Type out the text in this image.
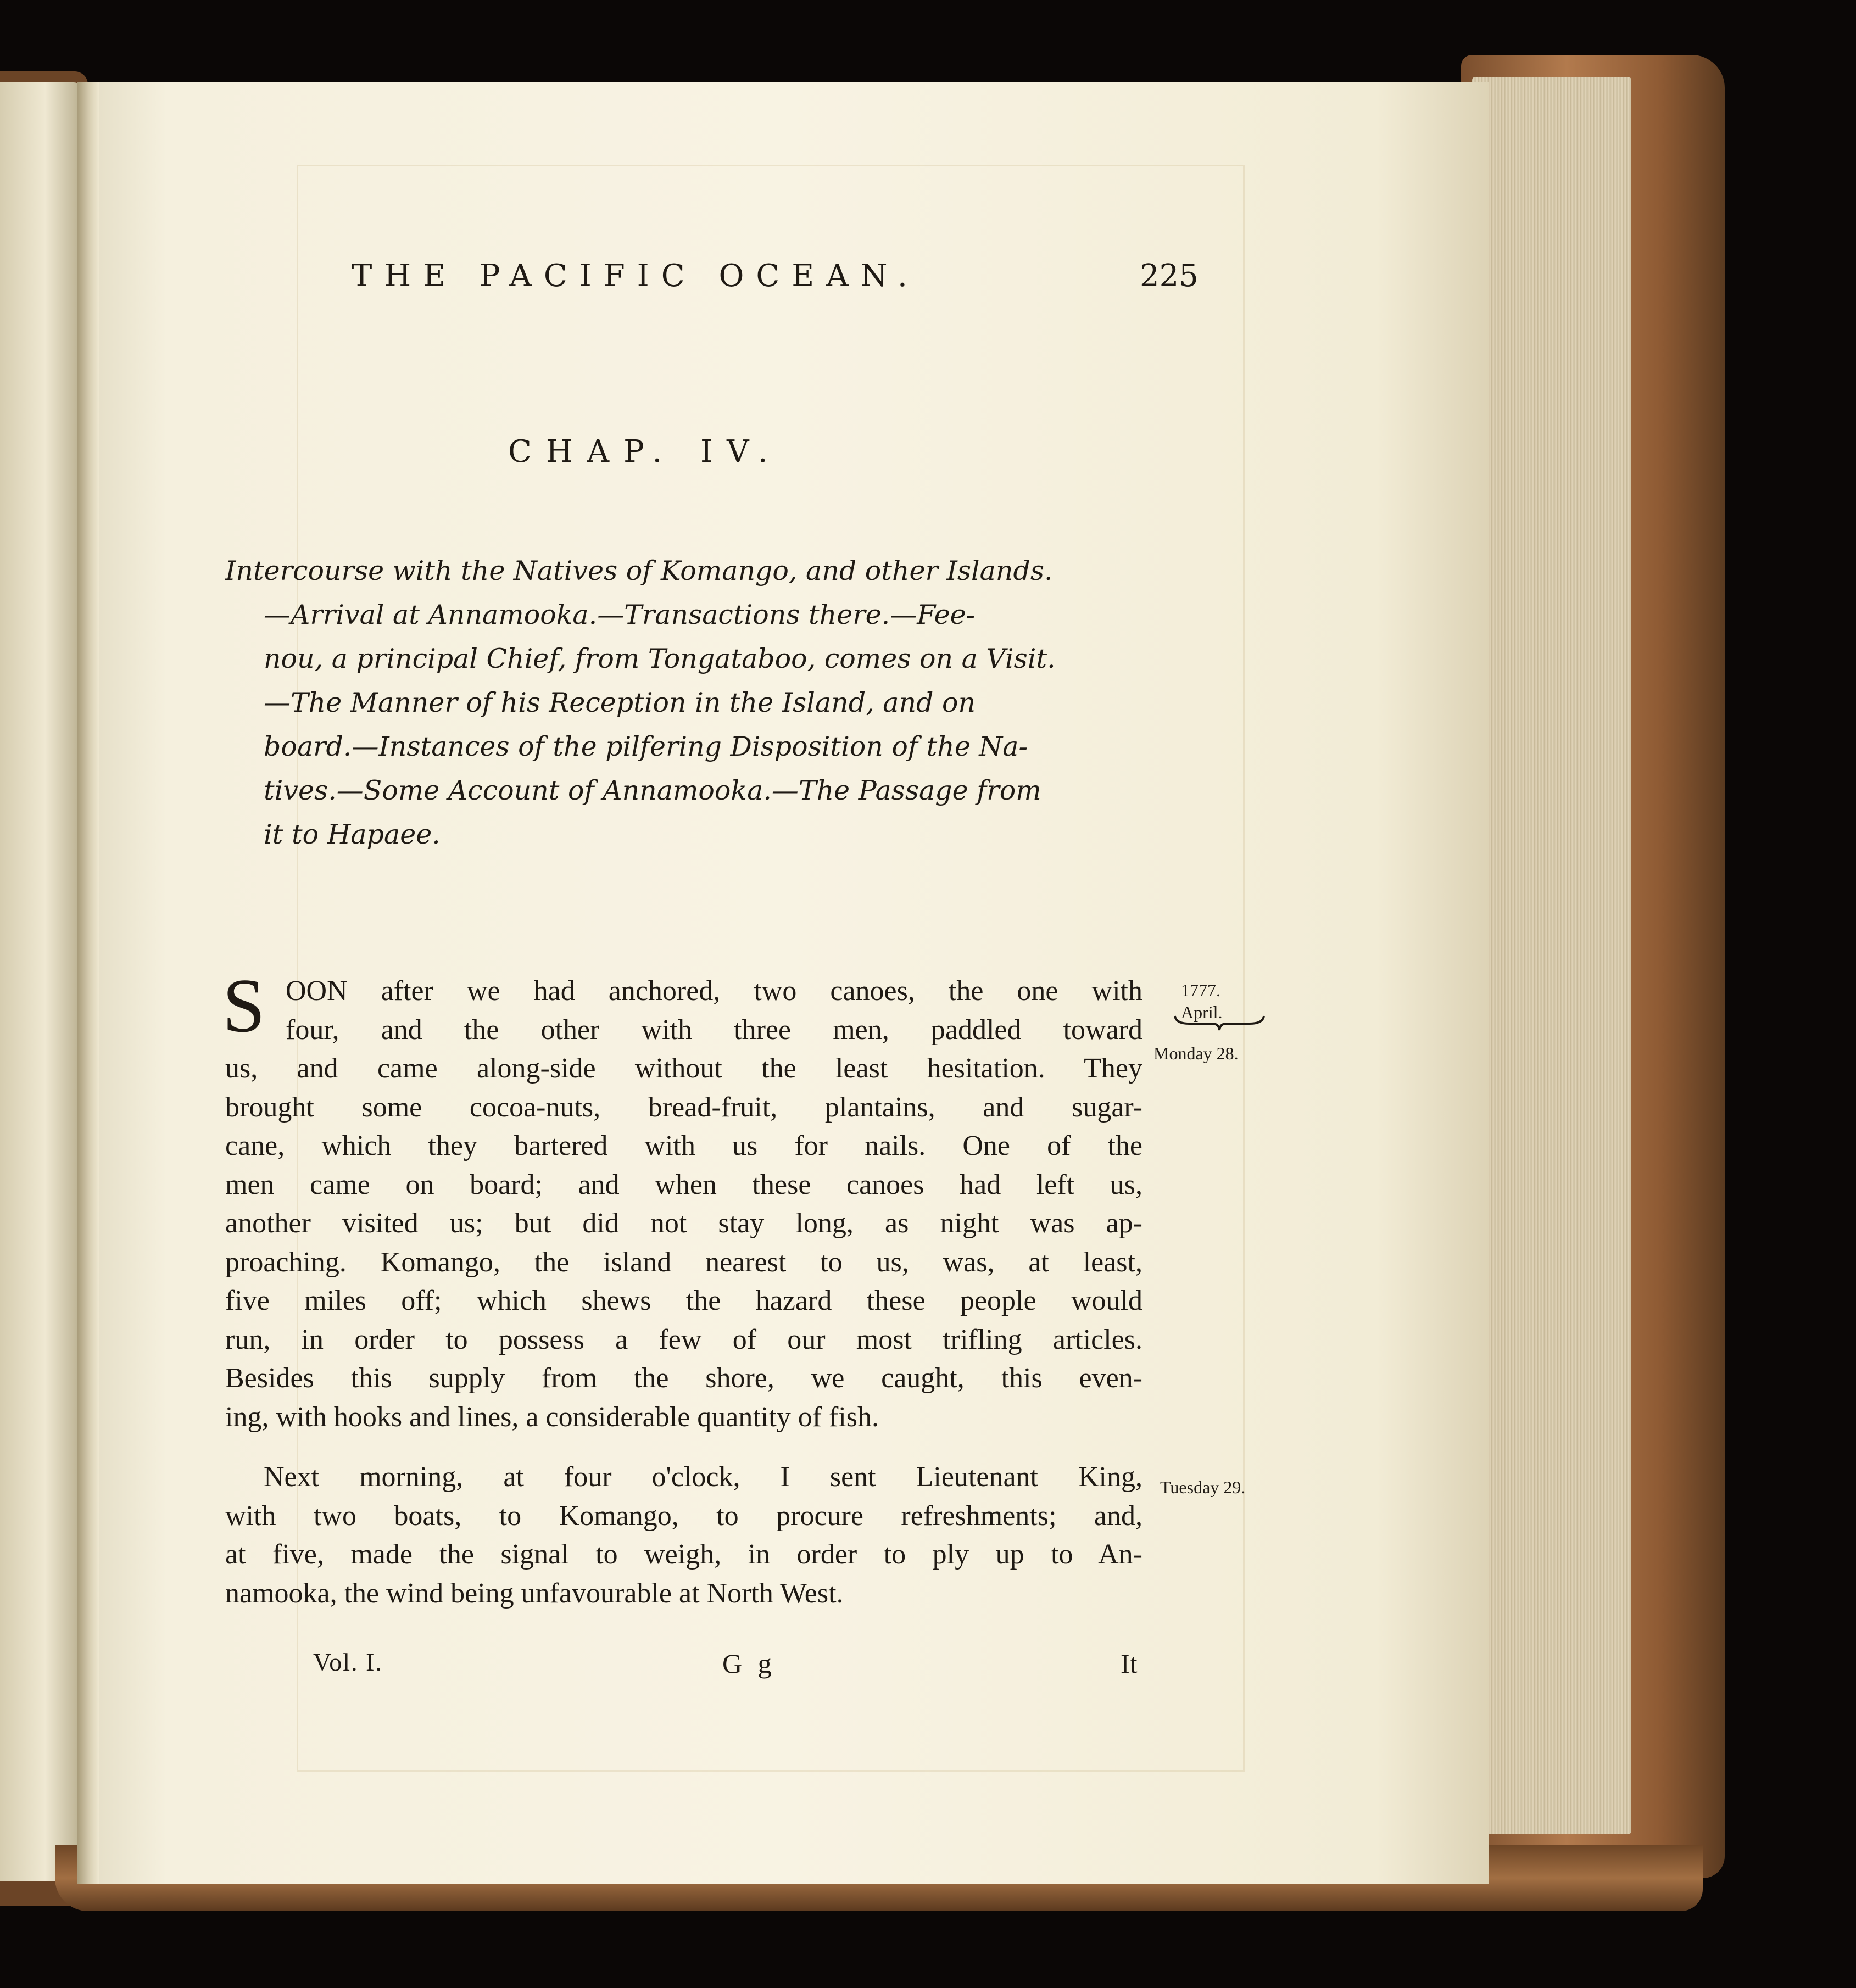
THE PACIFIC OCEAN.	225
CHAP. IV.
Intercourse with the Natives of Komango, and other Islands.
—Arrival at Annamooka.—Transactions there.—Fee-
nou, a principal Chief, from Tongataboo, comes on a Visit.
—The Manner of his Reception in the Island, and on
board.—Instances of the pilfering Disposition of the Na-
tives.—Some Account of Annamooka.—The Passage from
it to Hapaee.
S OON after we had anchored, two canoes, the one with
four, and the other with three men, paddled toward
us, and came along-side without the least hesitation. They
brought some cocoa-nuts, bread-fruit, plantains, and sugar-
cane, which they bartered with us for nails. One of the
men came on board; and when these canoes had left us,
another visited us; but did not stay long, as night was ap-
proaching. Komango, the island nearest to us, was, at least,
five miles off; which shews the hazard these people would
run, in order to possess a few of our most trifling articles.
Besides this supply from the shore, we caught, this even-
ing, with hooks and lines, a considerable quantity of fish.
Next morning, at four o'clock, I sent Lieutenant King,
with two boats, to Komango, to procure refreshments; and,
at five, made the signal to weigh, in order to ply up to An-
namooka, the wind being unfavourable at North West.
1777.
April.
Monday 28.
Tuesday 29.
Vol. I.	G g	It
